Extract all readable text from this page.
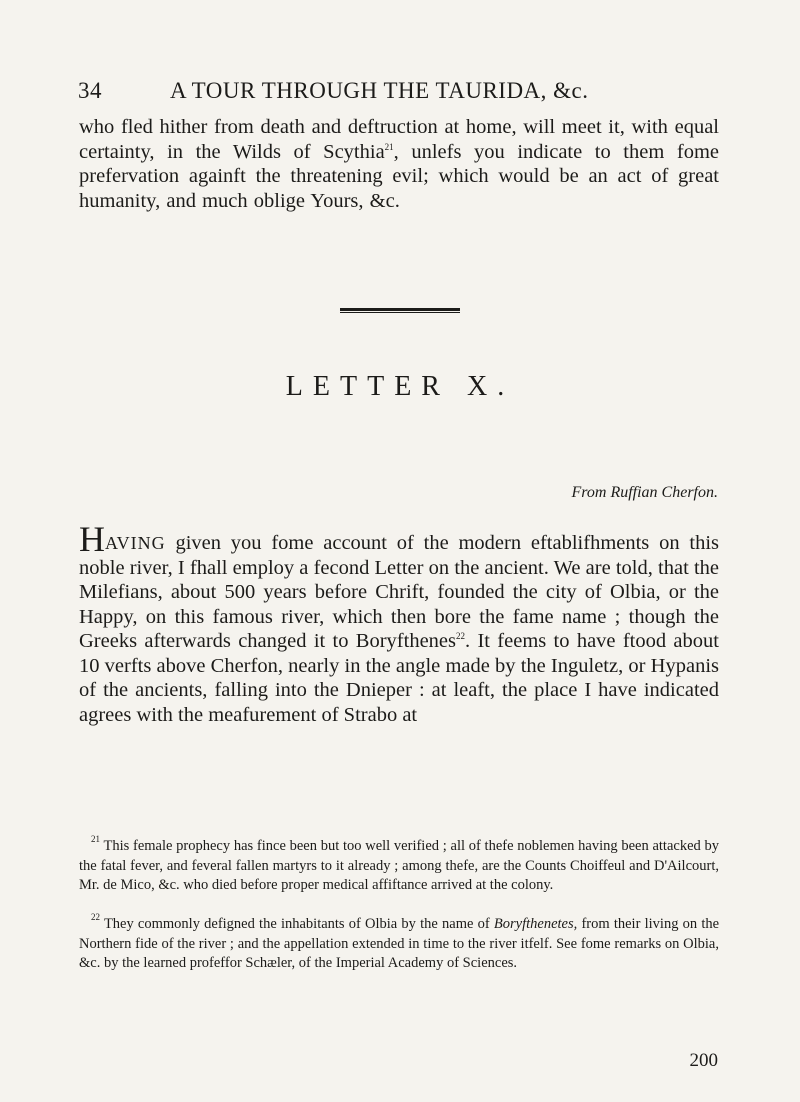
34	A TOUR THROUGH THE TAURIDA, &c.

who fled hither from death and deftruction at home, will meet it, with equal certainty, in the Wilds of Scythia$^{21}$, unlefs you indicate to them fome prefervation againft the threatening evil; which would be an act of great humanity, and much oblige Yours, &c.

LETTER X.
From Ruffian Cherfon.

HAVING given you fome account of the modern eftablifhments on this noble river, I fhall employ a fecond Letter on the ancient. We are told, that the Milefians, about 500 years before Chrift, founded the city of Olbia, or the Happy, on this famous river, which then bore the fame name ; though the Greeks afterwards changed it to Boryfthenes$^{22}$. It feems to have ftood about 10 verfts above Cherfon, nearly in the angle made by the Inguletz, or Hypanis of the ancients, falling into the Dnieper : at leaft, the place I have indicated agrees with the meafurement of Strabo at

$^{21}$ This female prophecy has fince been but too well verified ; all of thefe noblemen having been attacked by the fatal fever, and feveral fallen martyrs to it already ; among thefe, are the Counts Choiffeul and D'Ailcourt, Mr. de Mico, &c. who died before proper medical affiftance arrived at the colony.

$^{22}$ They commonly defigned the inhabitants of Olbia by the name of Boryfthenetes, from their living on the Northern fide of the river ; and the appellation extended in time to the river itfelf. See fome remarks on Olbia, &c. by the learned profeffor Schæler, of the Imperial Academy of Sciences.

200
